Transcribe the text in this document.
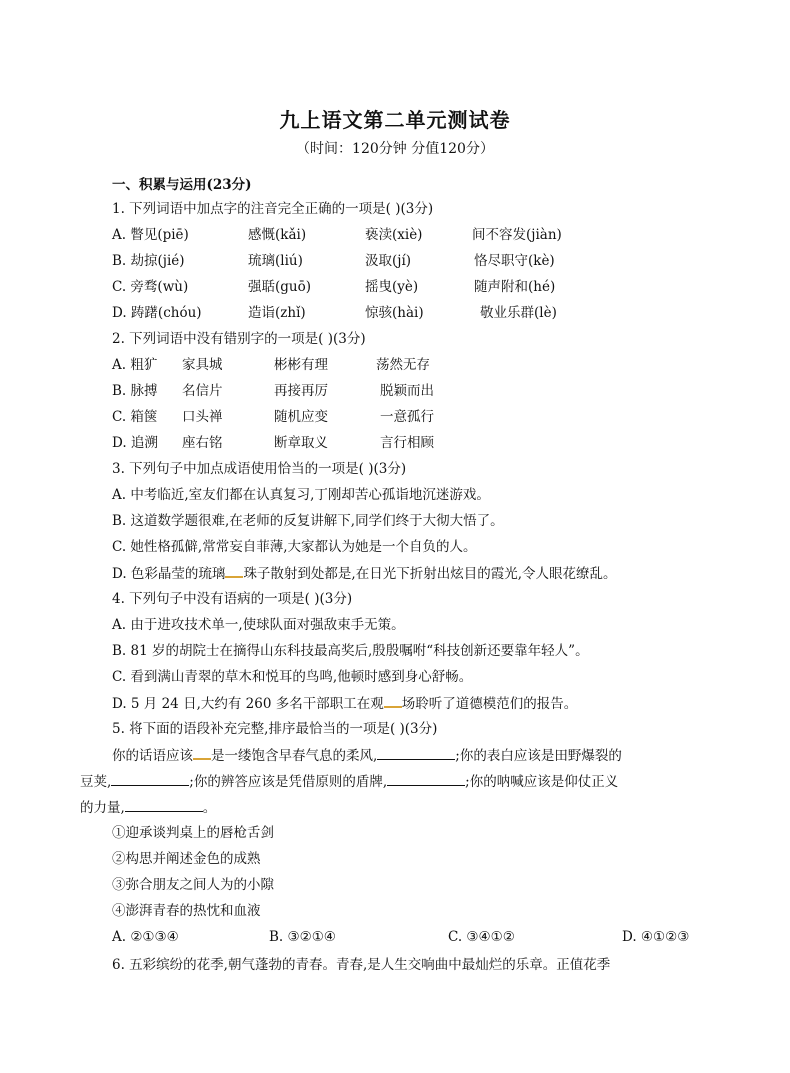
九上语文第二单元测试卷
（时间：120分钟 分值120分）
一、积累与运用(23分)
1. 下列词语中加点字的注音完全正确的一项是( )(3分)
A. 瞥见(piē)	感慨(kǎi)	亵渎(xiè)	间不容发(jiàn)
B. 劫掠(jié)	琉璃(liú)	汲取(jí)	恪尽职守(kè)
C. 旁骛(wù)	强聒(guō)	摇曳(yè)	随声附和(hé)
D. 踌躇(chóu)	造诣(zhǐ)	惊骇(hài)	敬业乐群(lè)
2. 下列词语中没有错别字的一项是( )(3分)
A. 粗犷 家具城	彬彬有理	荡然无存
B. 脉搏 名信片	再接再厉	脱颖而出
C. 箱箧 口头禅	随机应变	一意孤行
D. 追溯 座右铭	断章取义	言行相顾
3. 下列句子中加点成语使用恰当的一项是( )(3分)
A. 中考临近,室友们都在认真复习,丁刚却苦心孤诣地沉迷游戏。
B. 这道数学题很难,在老师的反复讲解下,同学们终于大彻大悟了。
C. 她性格孤僻,常常妄自菲薄,大家都认为她是一个自负的人。
D. 色彩晶莹的琉璃 珠子散射到处都是,在日光下折射出炫目的霞光,令人眼花缭乱。
4. 下列句子中没有语病的一项是( )(3分)
A. 由于进攻技术单一,使球队面对强敌束手无策。
B. 81 岁的胡院士在摘得山东科技最高奖后,殷殷嘱咐“科技创新还要靠年轻人”。
C. 看到满山青翠的草木和悦耳的鸟鸣,他顿时感到身心舒畅。
D. 5 月 24 日,大约有 260 多名干部职工在观 场聆听了道德模范们的报告。
5. 将下面的语段补充完整,排序最恰当的一项是( )(3分)
你的话语应该 是一缕饱含早春气息的柔风,	;你的表白应该是田野爆裂的
豆荚,	;你的辨答应该是凭借原则的盾牌,	;你的呐喊应该是仰仗正义
的力量,	。
①迎承谈判桌上的唇枪舌剑
②构思并阐述金色的成熟
③弥合朋友之间人为的小隙
④澎湃青春的热忱和血液
A. ②①③④	B. ③②①④	C. ③④①②	D. ④①②③
6. 五彩缤纷的花季,朝气蓬勃的青春。青春,是人生交响曲中最灿烂的乐章。正值花季
